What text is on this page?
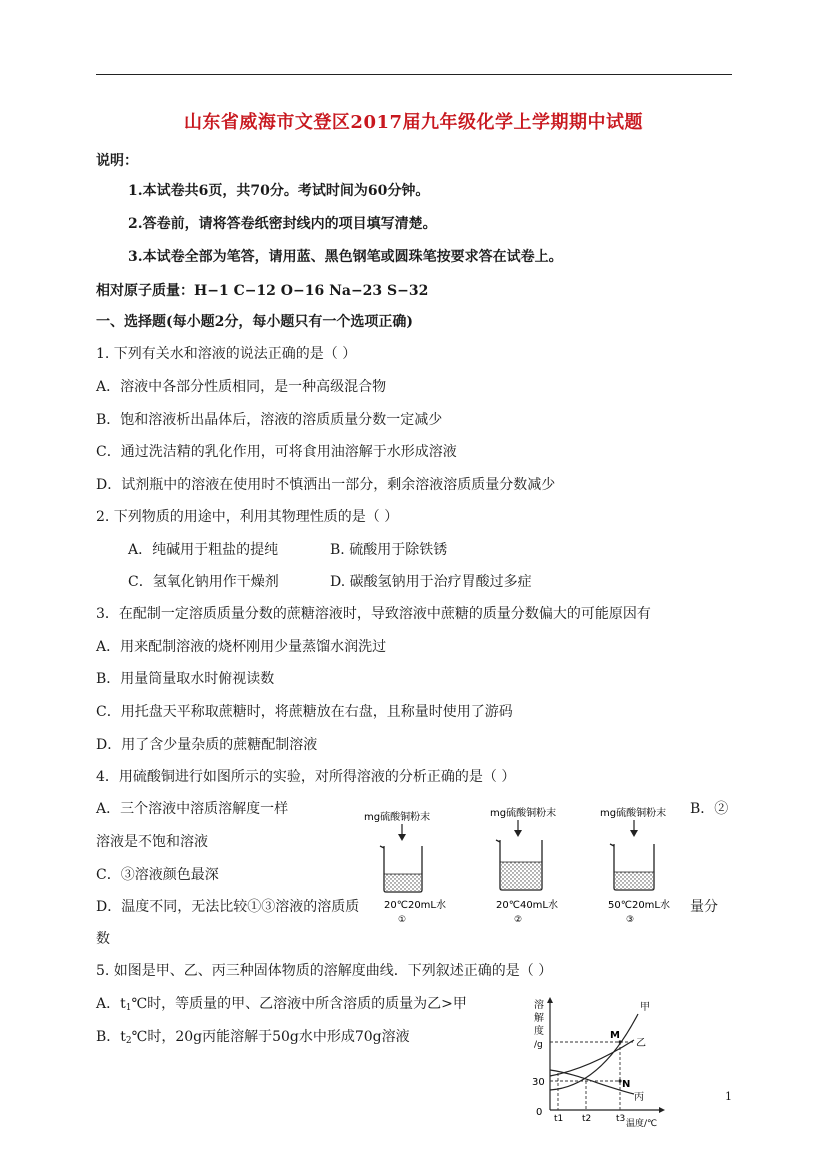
山东省威海市文登区2017届九年级化学上学期期中试题
说明：
1.本试卷共6页，共70分。考试时间为60分钟。
2.答卷前，请将答卷纸密封线内的项目填写清楚。
3.本试卷全部为笔答，请用蓝、黑色钢笔或圆珠笔按要求答在试卷上。
相对原子质量：H−1 C−12 O−16 Na−23 S−32
一、选择题(每小题2分，每小题只有一个选项正确)
1. 下列有关水和溶液的说法正确的是（ ）
A．溶液中各部分性质相同，是一种高级混合物
B．饱和溶液析出晶体后，溶液的溶质质量分数一定减少
C．通过洗洁精的乳化作用，可将食用油溶解于水形成溶液
D．试剂瓶中的溶液在使用时不慎洒出一部分，剩余溶液溶质质量分数减少
2. 下列物质的用途中，利用其物理性质的是（ ）
A．纯碱用于粗盐的提纯	B. 硫酸用于除铁锈
C．氢氧化钠用作干燥剂	D. 碳酸氢钠用于治疗胃酸过多症
3．在配制一定溶质质量分数的蔗糖溶液时，导致溶液中蔗糖的质量分数偏大的可能原因有
A．用来配制溶液的烧杯刚用少量蒸馏水润洗过
B．用量筒量取水时俯视读数
C．用托盘天平称取蔗糖时，将蔗糖放在右盘，且称量时使用了游码
D．用了含少量杂质的蔗糖配制溶液
4．用硫酸铜进行如图所示的实验，对所得溶液的分析正确的是（ ）
A．三个溶液中溶质溶解度一样	B．②
溶液是不饱和溶液
C．③溶液颜色最深
D．温度不同，无法比较①③溶液的溶质质	量分
数
mg硫酸铜粉末
20℃20mL水
①
mg硫酸铜粉末
20℃40mL水
②
mg硫酸铜粉末
50℃20mL水
③
5. 如图是甲、乙、丙三种固体物质的溶解度曲线．下列叙述正确的是（ ）
A．$t_1℃$时，等质量的甲、乙溶液中所含溶质的质量为乙>甲
B．$t_2℃$时，20g丙能溶解于50g水中形成70g溶液
溶
解
度
/g
甲
乙
丙
M
N
30
0
t1 t2	t3 温度/℃
1
